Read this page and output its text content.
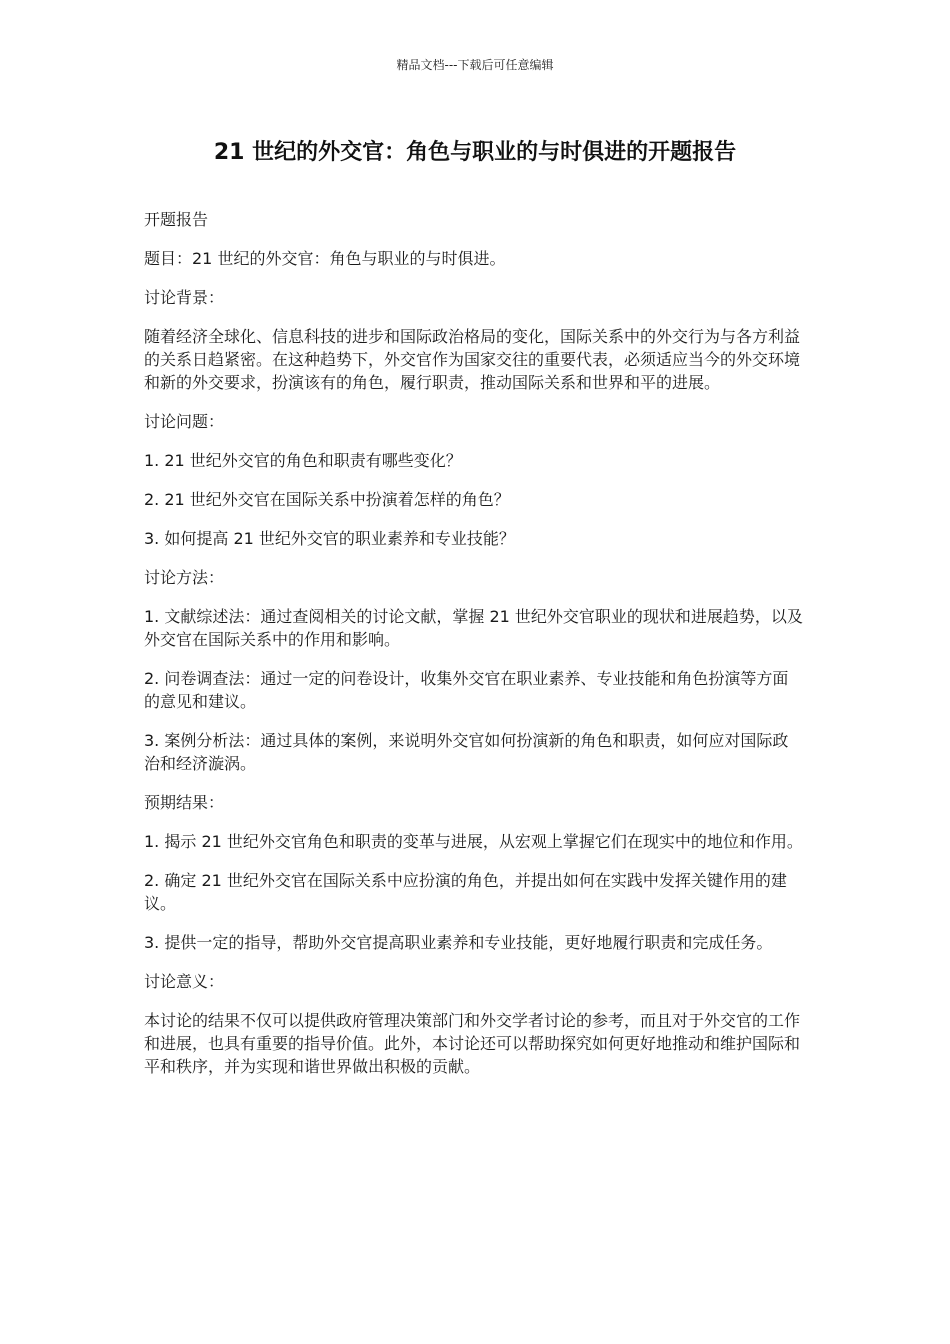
精品文档---下载后可任意编辑
21 世纪的外交官：角色与职业的与时俱进的开题报告

开题报告

题目：21 世纪的外交官：角色与职业的与时俱进。

讨论背景：

随着经济全球化、信息科技的进步和国际政治格局的变化，国际关系中的外交行为与各方利益的关系日趋紧密。在这种趋势下，外交官作为国家交往的重要代表，必须适应当今的外交环境和新的外交要求，扮演该有的角色，履行职责，推动国际关系和世界和平的进展。

讨论问题：

1. 21 世纪外交官的角色和职责有哪些变化？

2. 21 世纪外交官在国际关系中扮演着怎样的角色？

3. 如何提高 21 世纪外交官的职业素养和专业技能？

讨论方法：

1. 文献综述法：通过查阅相关的讨论文献，掌握 21 世纪外交官职业的现状和进展趋势，以及外交官在国际关系中的作用和影响。

2. 问卷调查法：通过一定的问卷设计，收集外交官在职业素养、专业技能和角色扮演等方面的意见和建议。

3. 案例分析法：通过具体的案例，来说明外交官如何扮演新的角色和职责，如何应对国际政治和经济漩涡。

预期结果：

1. 揭示 21 世纪外交官角色和职责的变革与进展，从宏观上掌握它们在现实中的地位和作用。

2. 确定 21 世纪外交官在国际关系中应扮演的角色，并提出如何在实践中发挥关键作用的建议。

3. 提供一定的指导，帮助外交官提高职业素养和专业技能，更好地履行职责和完成任务。

讨论意义：

本讨论的结果不仅可以提供政府管理决策部门和外交学者讨论的参考，而且对于外交官的工作和进展，也具有重要的指导价值。此外，本讨论还可以帮助探究如何更好地推动和维护国际和平和秩序，并为实现和谐世界做出积极的贡献。
